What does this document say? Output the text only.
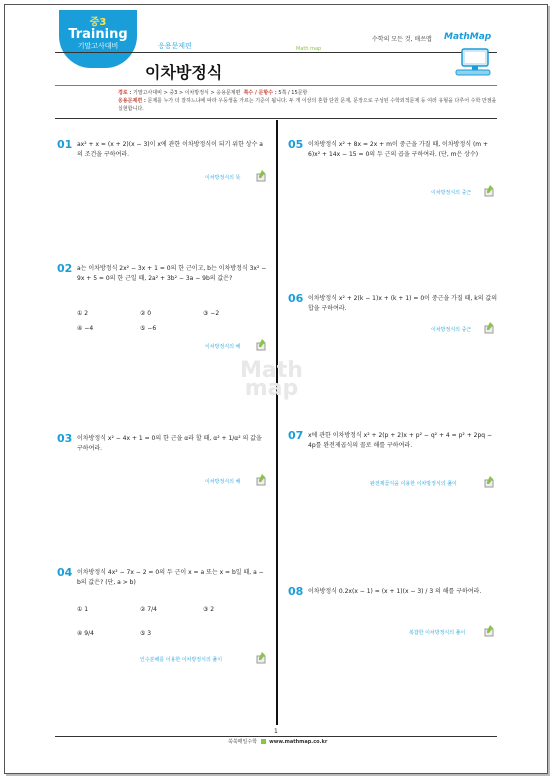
중3
Training
기말고사대비	응용문제편	Math map
이차방정식
수학의 모든 것, 매쓰맵 MathMap
경로 : 기말고사대비 > 중3 > 이차방정식 > 응용문제편 쪽수 / 문항수 : 5쪽 / 15문항
응용문제편 : 문제를 누가 더 잘하느냐에 따라 우등생을 가르는 기준이 됩니다. 두 개 이상의 혼합 단원 문제, 문장으로 구성된 수학외적문제 등 여러 유형을 다루어 수학 만점을 실현합니다.
Math
map
01 ax² + x = (x + 2)(x − 3)이 x에 관한 이차방정식이 되기 위한 상수 a의 조건을 구하여라.
이차방정식의 뜻
02 a는 이차방정식 2x² − 3x + 1 = 0의 한 근이고, b는 이차방정식 3x² − 9x + 5 = 0의 한 근일 때, 2a² + 3b² − 3a − 9b의 값은?
① 2	② 0	③ −2
④ −4	⑤ −6
이차방정식의 해
03 이차방정식 x² − 4x + 1 = 0의 한 근을 α라 할 때, α² + 1/α² 의 값을 구하여라.
이차방정식의 해
04 이차방정식 4x² − 7x − 2 = 0의 두 근이 x = a 또는 x = b일 때, a − b의 값은? (단, a > b)
① 1	② 7/4	③ 2
④ 9/4	⑤ 3
인수분해를 이용한 이차방정식의 풀이
05 이차방정식 x² + 8x = 2x + m이 중근을 가질 때, 이차방정식 (m + 6)x² + 14x − 15 = 0의 두 근의 곱을 구하여라. (단, m은 상수)
이차방정식의 중근
06 이차방정식 x² + 2(k − 1)x + (k + 1) = 0이 중근을 가질 때, k의 값의 합을 구하여라.
이차방정식의 중근
07 x에 관한 이차방정식 x² + 2(p + 2)x + p² − q² + 4 = p² + 2pq − 4p를 완전제곱식의 꼴로 해를 구하여라.
완전제곱식을 이용한 이차방정식의 풀이
08 이차방정식 0.2x(x − 1) = (x + 1)(x − 3) / 3 의 해를 구하여라.
복잡한 이차방정식의 풀이
1
쑥쑥매일수학 www.mathmap.co.kr
